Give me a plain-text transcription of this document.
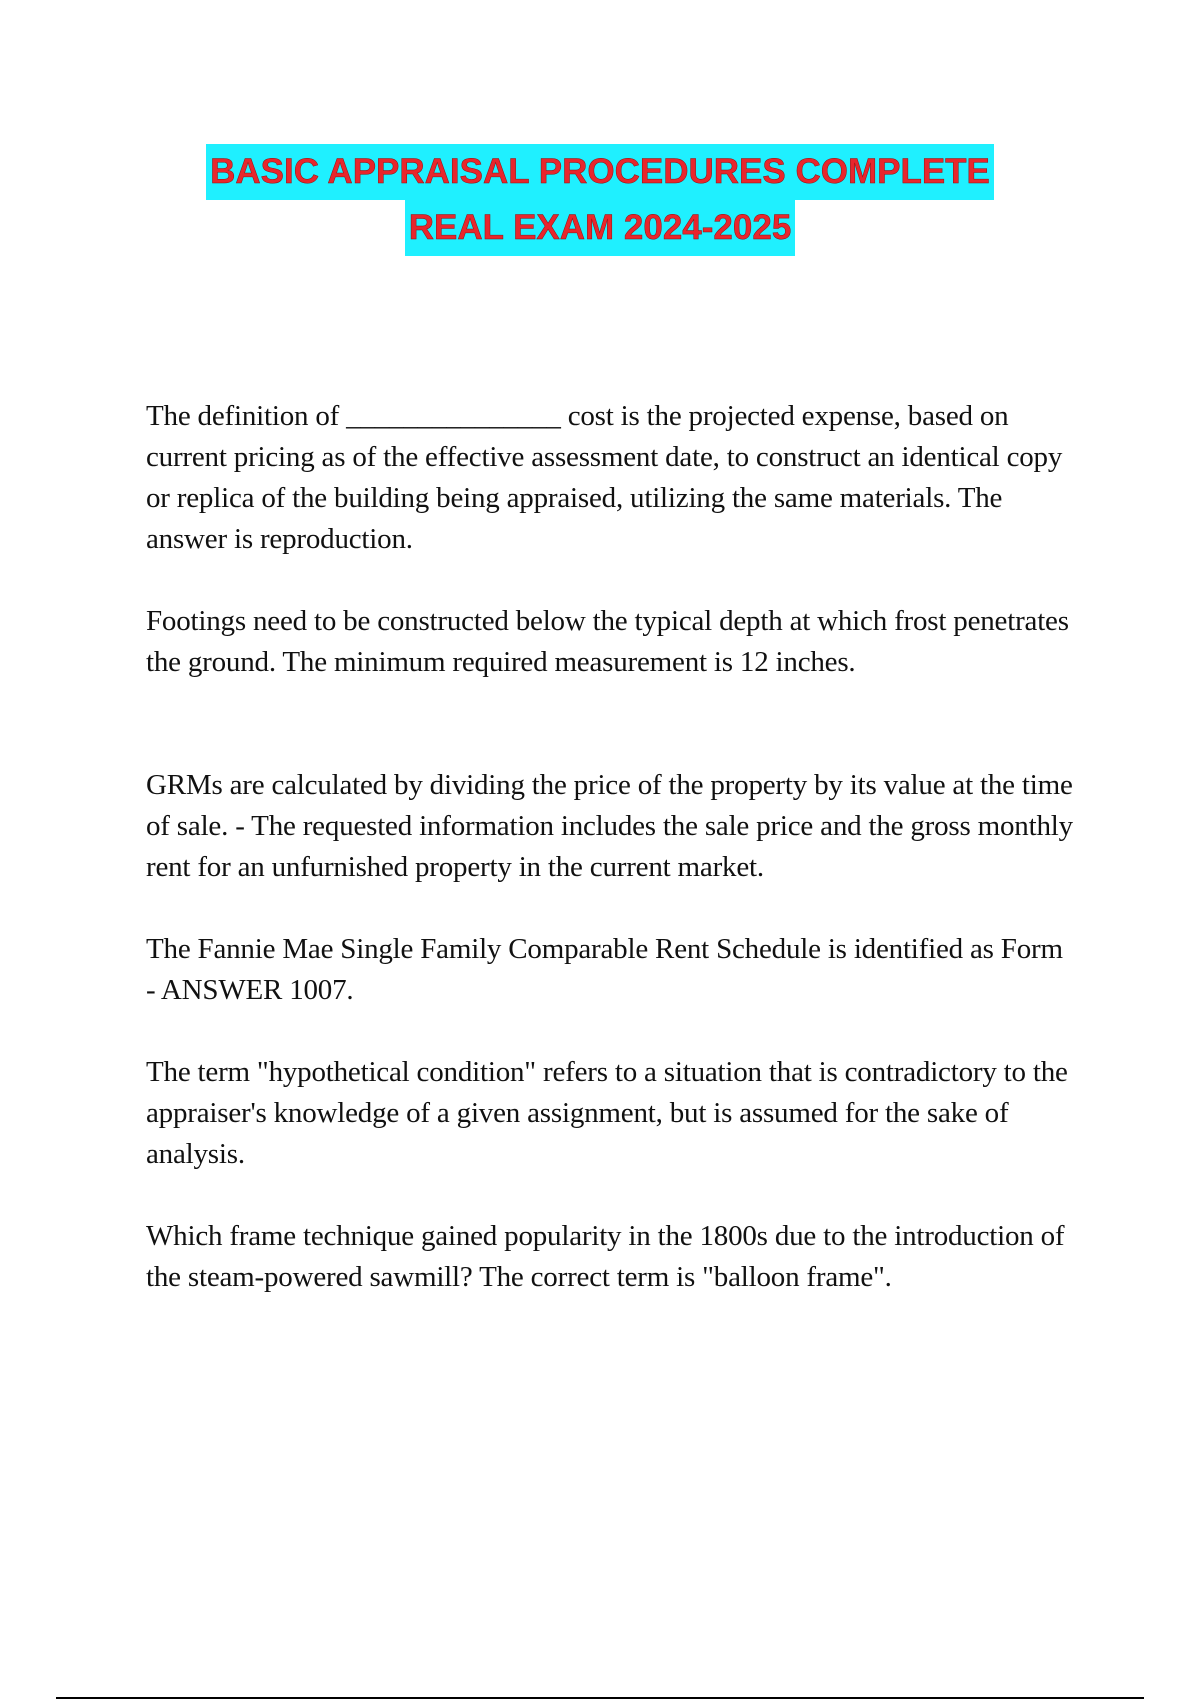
BASIC APPRAISAL PROCEDURES COMPLETE
REAL EXAM 2024-2025

The definition of _______________ cost is the projected expense, based on current pricing as of the effective assessment date, to construct an identical copy or replica of the building being appraised, utilizing the same materials. The answer is reproduction.

Footings need to be constructed below the typical depth at which frost penetrates the ground. The minimum required measurement is 12 inches.

GRMs are calculated by dividing the price of the property by its value at the time of sale. - The requested information includes the sale price and the gross monthly rent for an unfurnished property in the current market.

The Fannie Mae Single Family Comparable Rent Schedule is identified as Form - ANSWER 1007.

The term "hypothetical condition" refers to a situation that is contradictory to the appraiser's knowledge of a given assignment, but is assumed for the sake of analysis.

Which frame technique gained popularity in the 1800s due to the introduction of the steam-powered sawmill? The correct term is "balloon frame".
